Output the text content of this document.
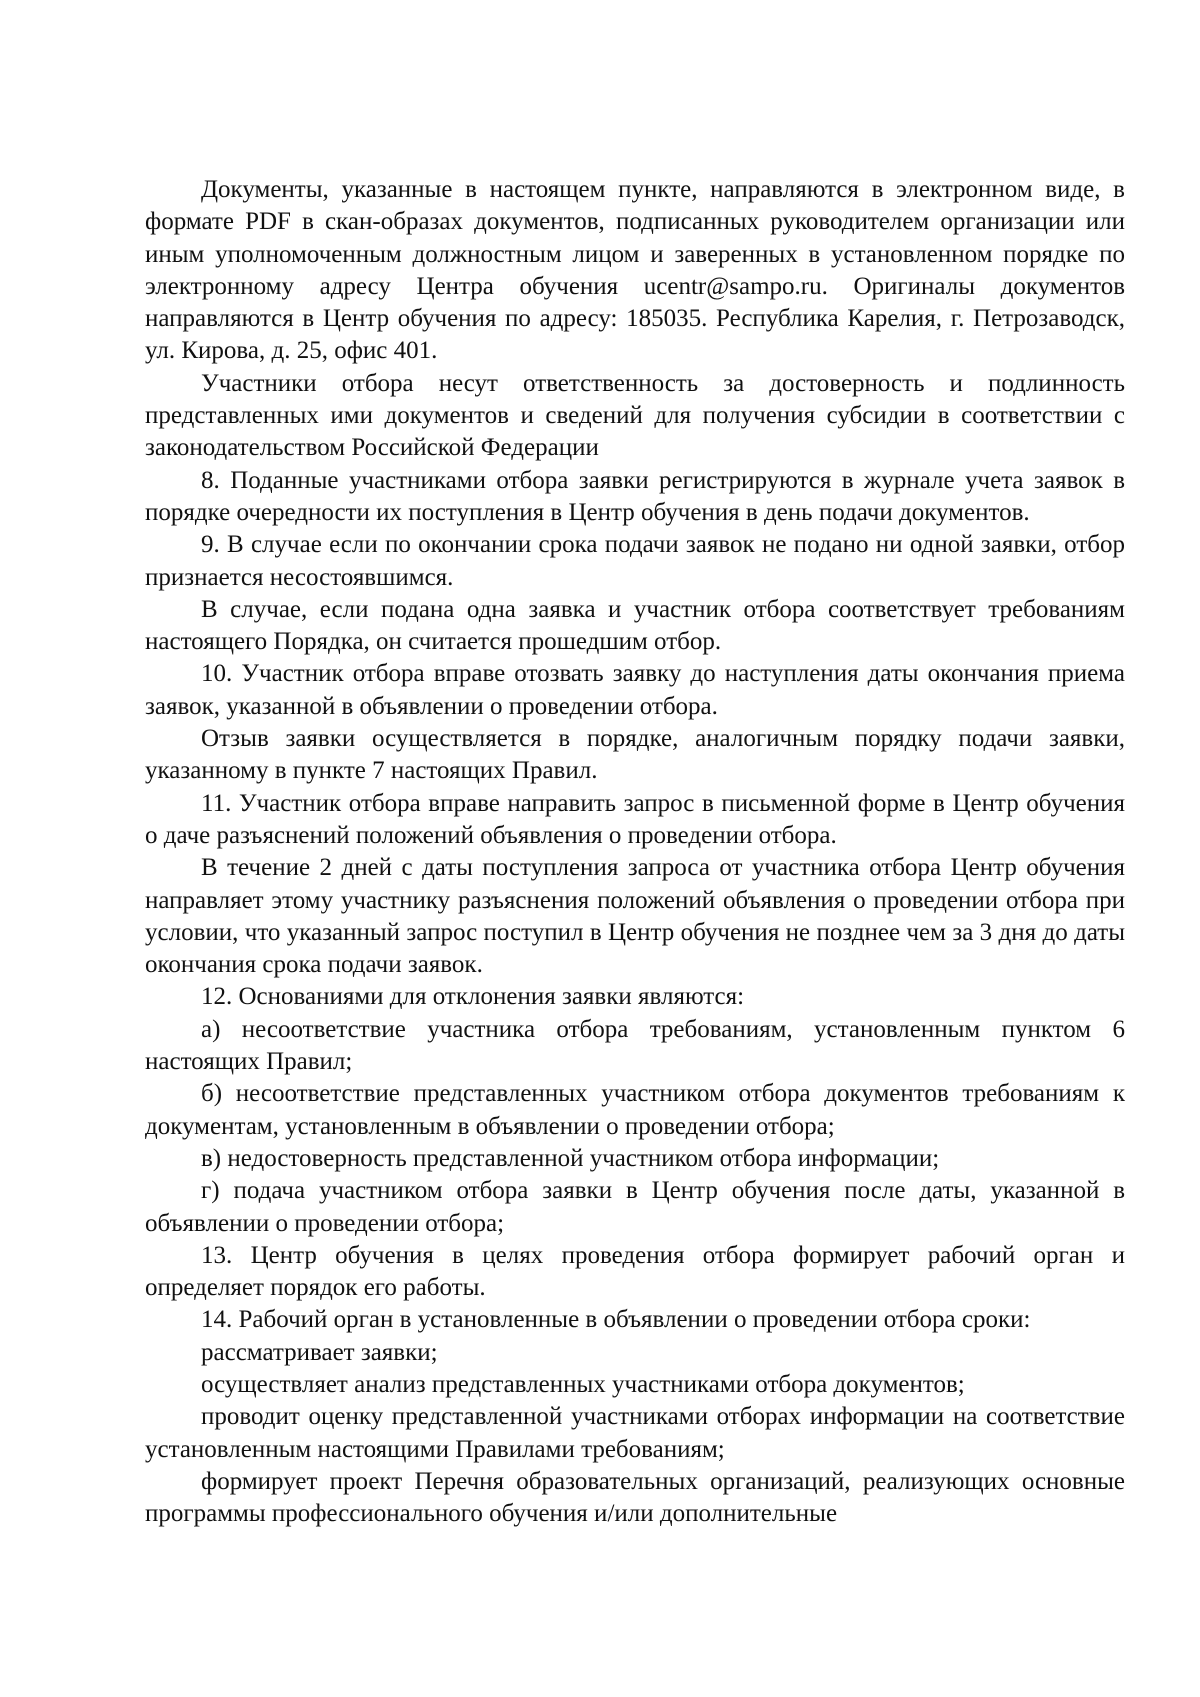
Документы, указанные в настоящем пункте, направляются в электронном виде, в формате PDF в скан-образах документов, подписанных руководителем организации или иным уполномоченным должностным лицом и заверенных в установленном порядке по электронному адресу Центра обучения ucentr@sampo.ru. Оригиналы документов направляются в Центр обучения по адресу: 185035. Республика Карелия, г. Петрозаводск, ул. Кирова, д. 25, офис 401.

Участники отбора несут ответственность за достоверность и подлинность представленных ими документов и сведений для получения субсидии в соответствии с законодательством Российской Федерации

8. Поданные участниками отбора заявки регистрируются в журнале учета заявок в порядке очередности их поступления в Центр обучения в день подачи документов.

9. В случае если по окончании срока подачи заявок не подано ни одной заявки, отбор признается несостоявшимся.

В случае, если подана одна заявка и участник отбора соответствует требованиям настоящего Порядка, он считается прошедшим отбор.

10. Участник отбора вправе отозвать заявку до наступления даты окончания приема заявок, указанной в объявлении о проведении отбора.

Отзыв заявки осуществляется в порядке, аналогичным порядку подачи заявки, указанному в пункте 7 настоящих Правил.

11. Участник отбора вправе направить запрос в письменной форме в Центр обучения о даче разъяснений положений объявления о проведении отбора.

В течение 2 дней с даты поступления запроса от участника отбора Центр обучения направляет этому участнику разъяснения положений объявления о проведении отбора при условии, что указанный запрос поступил в Центр обучения не позднее чем за 3 дня до даты окончания срока подачи заявок.

12. Основаниями для отклонения заявки являются:

а) несоответствие участника отбора требованиям, установленным пунктом 6 настоящих Правил;

б) несоответствие представленных участником отбора документов требованиям к документам, установленным в объявлении о проведении отбора;

в) недостоверность представленной участником отбора информации;

г) подача участником отбора заявки в Центр обучения после даты, указанной в объявлении о проведении отбора;

13. Центр обучения в целях проведения отбора формирует рабочий орган и определяет порядок его работы.

14. Рабочий орган в установленные в объявлении о проведении отбора сроки:

рассматривает заявки;

осуществляет анализ представленных участниками отбора документов;

проводит оценку представленной участниками отборах информации на соответствие установленным настоящими Правилами требованиям;

формирует проект Перечня образовательных организаций, реализующих основные программы профессионального обучения и/или дополнительные
